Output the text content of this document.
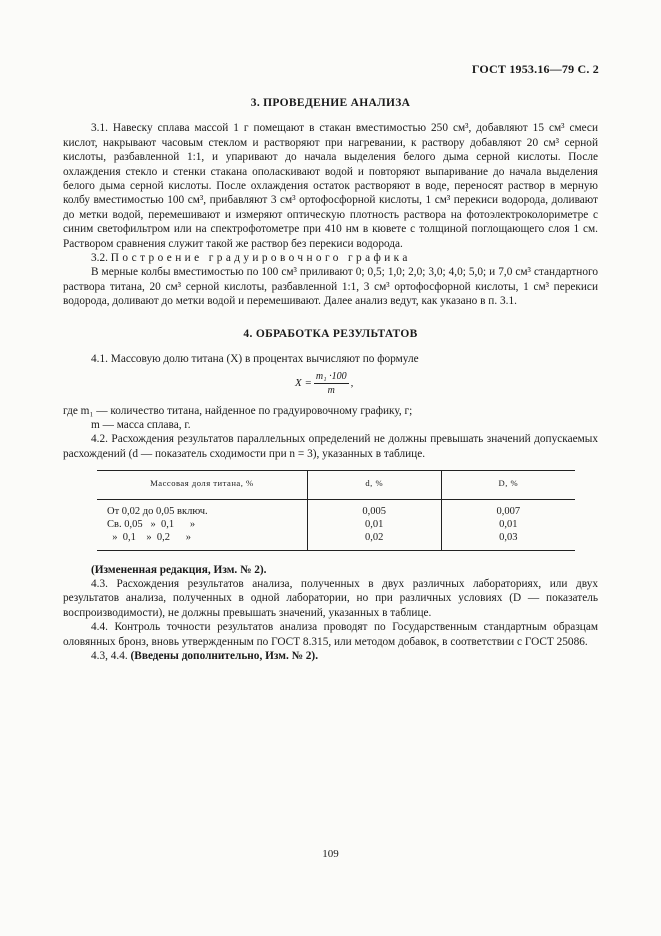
ГОСТ 1953.16—79 С. 2
3. ПРОВЕДЕНИЕ АНАЛИЗА

3.1. Навеску сплава массой 1 г помещают в стакан вместимостью 250 см³, добавляют 15 см³ смеси кислот, накрывают часовым стеклом и растворяют при нагревании, к раствору добавляют 20 см³ серной кислоты, разбавленной 1:1, и упаривают до начала выделения белого дыма серной кислоты. После охлаждения стекло и стенки стакана ополаскивают водой и повторяют выпаривание до начала выделения белого дыма серной кислоты. После охлаждения остаток растворяют в воде, переносят раствор в мерную колбу вместимостью 100 см³, прибавляют 3 см³ ортофосфорной кислоты, 1 см³ перекиси водорода, доливают до метки водой, перемешивают и измеряют оптическую плотность раствора на фотоэлектроколориметре с синим светофильтром или на спектрофотометре при 410 нм в кювете с толщиной поглощающего слоя 1 см. Раствором сравнения служит такой же раствор без перекиси водорода.

3.2. Построение градуировочного графика

В мерные колбы вместимостью по 100 см³ приливают 0; 0,5; 1,0; 2,0; 3,0; 4,0; 5,0; и 7,0 см³ стандартного раствора титана, 20 см³ серной кислоты, разбавленной 1:1, 3 см³ ортофосфорной кислоты, 1 см³ перекиси водорода, доливают до метки водой и перемешивают. Далее анализ ведут, как указано в п. 3.1.

4. ОБРАБОТКА РЕЗУЛЬТАТОВ

4.1. Массовую долю титана (X) в процентах вычисляют по формуле

$X = \frac{\text{m₁ ·100}}{m}$ ,

где m₁ — количество титана, найденное по градуировочному графику, г;

m — масса сплава, г.

4.2. Расхождения результатов параллельных определений не должны превышать значений допускаемых расхождений (d — показатель сходимости при n = 3), указанных в таблице.

Массовая доля титана, %	d, %	D, %
От 0,02 до 0,05 включ.	0,005	0,007
Св. 0,05   »  0,1      »	0,01	0,01
»  0,1    »  0,2      »	0,02	0,03

(Измененная редакция, Изм. № 2).

4.3. Расхождения результатов анализа, полученных в двух различных лабораториях, или двух результатов анализа, полученных в одной лаборатории, но при различных условиях (D — показатель воспроизводимости), не должны превышать значений, указанных в таблице.

4.4. Контроль точности результатов анализа проводят по Государственным стандартным образцам оловянных бронз, вновь утвержденным по ГОСТ 8.315, или методом добавок, в соответствии с ГОСТ 25086.

4.3, 4.4. (Введены дополнительно, Изм. № 2).

109
